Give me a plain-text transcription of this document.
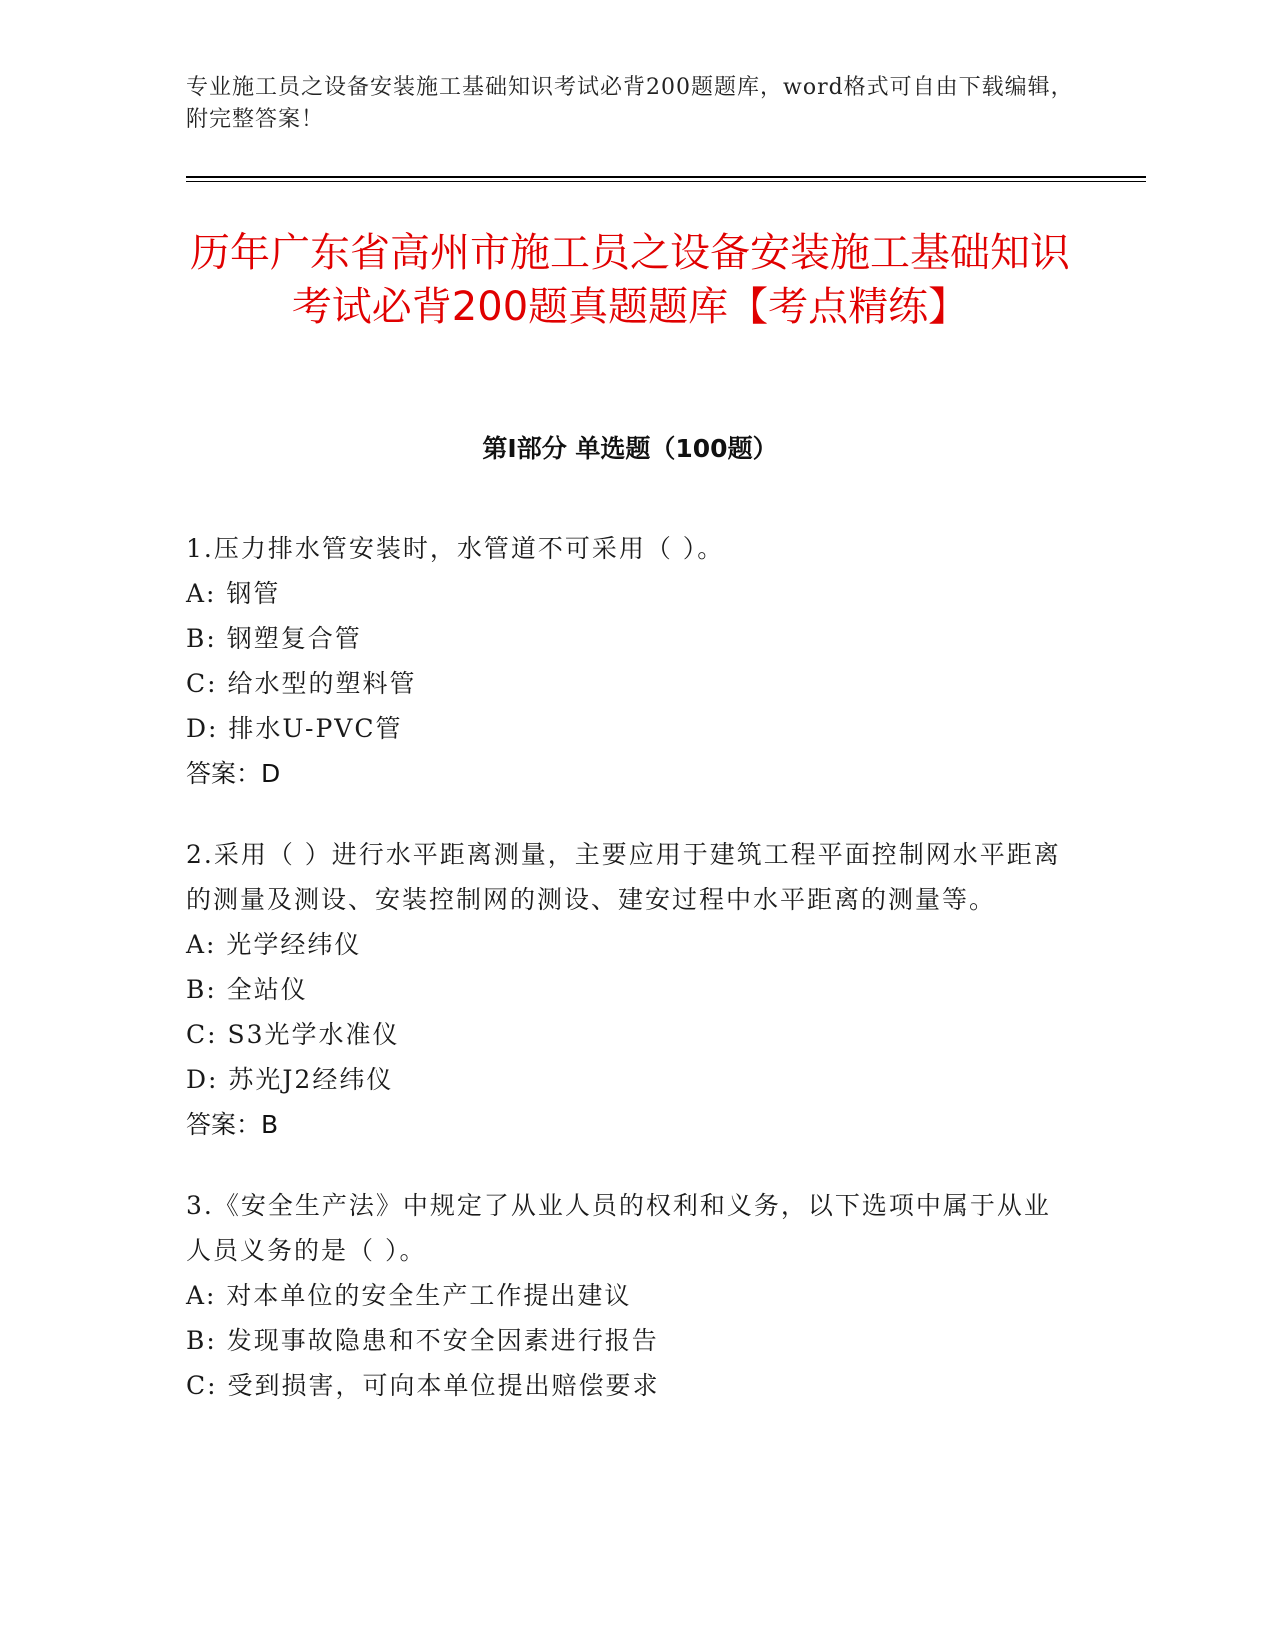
专业施工员之设备安装施工基础知识考试必背200题题库，word格式可自由下载编辑，附完整答案！
历年广东省高州市施工员之设备安装施工基础知识考试必背200题真题题库【考点精练】
第I部分 单选题（100题）
1.压力排水管安装时，水管道不可采用（ ）。
A: 钢管
B: 钢塑复合管
C: 给水型的塑料管
D: 排水U-PVC管
答案：D
2.采用（ ）进行水平距离测量，主要应用于建筑工程平面控制网水平距离的测量及测设、安装控制网的测设、建安过程中水平距离的测量等。
A: 光学经纬仪
B: 全站仪
C: S3光学水准仪
D: 苏光J2经纬仪
答案：B
3.《安全生产法》中规定了从业人员的权利和义务，以下选项中属于从业人员义务的是（ ）。
A: 对本单位的安全生产工作提出建议
B: 发现事故隐患和不安全因素进行报告
C: 受到损害，可向本单位提出赔偿要求
